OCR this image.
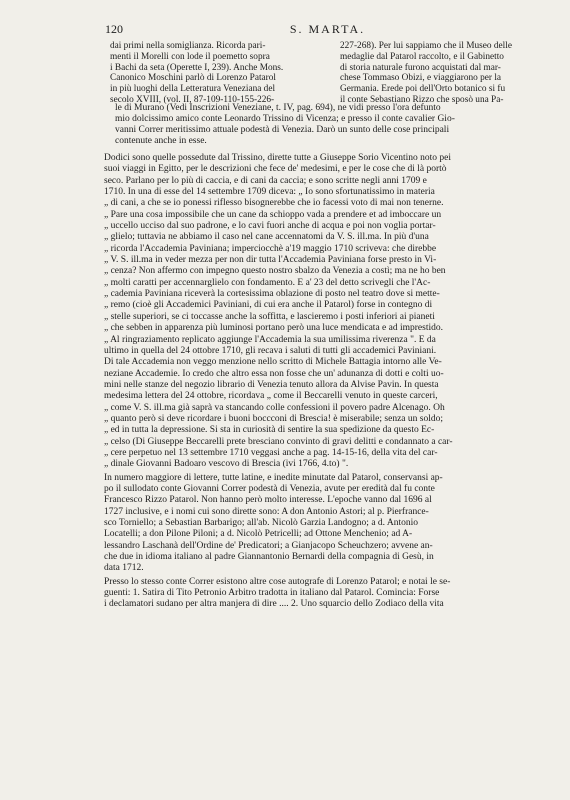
120	S. MARTA.
dai primi nella somiglianza. Ricorda pari-
menti il Morelli con lode il poemetto sopra
i Bachi da seta (Operette I, 239). Anche Mons.
Canonico Moschini parlò di Lorenzo Patarol
in più luoghi della Letteratura Veneziana del
secolo XVIII, (vol. II, 87-109-110-155-226-
227-268). Per lui sappiamo che il Museo delle
medaglie dal Patarol raccolto, e il Gabinetto
di storia naturale furono acquistati dal mar-
chese Tommaso Obizi, e viaggiarono per la
Germania. Erede poi dell'Orto botanico si fu
il conte Sebastiano Rizzo che sposò una Pa-

le di Murano (Vedi Inscrizioni Veneziane, t. IV, pag. 694), ne vidi presso l'ora defunto
mio dolcissimo amico conte Leonardo Trissino di Vicenza; e presso il conte cavalier Gio-
vanni Correr meritissimo attuale podestà di Venezia. Darò un sunto delle cose principali
contenute anche in esse.

Dodici sono quelle possedute dal Trissino, dirette tutte a Giuseppe Sorio Vicentino noto pei
suoi viaggi in Egitto, per le descrizioni che fece de' medesimi, e per le cose che di là portò
seco. Parlano per lo più di caccia, e di cani da caccia; e sono scritte negli anni 1709 e
1710. In una di esse del 14 settembre 1709 diceva: „ Io sono sfortunatissimo in materia
„ di cani, a che se io ponessi riflesso bisognerebbe che io facessi voto di mai non tenerne.
„ Pare una cosa impossibile che un cane da schioppo vada a prendere et ad imboccare un
„ uccello ucciso dal suo padrone, e lo cavi fuori anche di acqua e poi non voglia portar-
„ glielo; tuttavia ne abbiamo il caso nel cane accennatomi da V. S. ill.ma. In più d'una
„ ricorda l'Accademia Paviniana; imperciocchè a'19 maggio 1710 scriveva: che direbbe
„ V. S. ill.ma in veder mezza per non dir tutta l'Accademia Paviniana forse presto in Vi-
„ cenza? Non affermo con impegno questo nostro sbalzo da Venezia a costì; ma ne ho ben
„ molti caratti per accennarglielo con fondamento. E a' 23 del detto scrivegli che l'Ac-
„ cademia Paviniana riceverà la cortesissima oblazione di posto nel teatro dove si mette-
„ remo (cioè gli Accademici Paviniani, di cui era anche il Patarol) forse in contegno di
„ stelle superiori, se ci toccasse anche la soffitta, e lascieremo i posti inferiori ai pianeti
„ che sebben in apparenza più luminosi portano però una luce mendicata e ad imprestido.
„ Al ringraziamento replicato aggiunge l'Accademia la sua umilissima riverenza ". E da
ultimo in quella del 24 ottobre 1710, gli recava i saluti di tutti gli accademici Paviniani.
Di tale Accademia non veggo menzione nello scritto di Michele Battagia intorno alle Ve-
neziane Accademie. Io credo che altro essa non fosse che un' adunanza di dotti e colti uo-
mini nelle stanze del negozio librario di Venezia tenuto allora da Alvise Pavin. In questa
medesima lettera del 24 ottobre, ricordava „ come il Beccarelli venuto in queste carceri,
„ come V. S. ill.ma già saprà va stancando colle confessioni il povero padre Alcenago. Oh
„ quanto però si deve ricordare i buoni boccconi di Brescia! è miserabile; senza un soldo;
„ ed in tutta la depressione. Si sta in curiosità di sentire la sua spedizione da questo Ec-
„ celso (Di Giuseppe Beccarelli prete bresciano convinto di gravi delitti e condannato a car-
„ cere perpetuo nel 13 settembre 1710 veggasi anche a pag. 14-15-16, della vita del car-
„ dinale Giovanni Badoaro vescovo di Brescia (ivi 1766, 4.to) ".
In numero maggiore di lettere, tutte latine, e inedite minutate dal Patarol, conservansi ap-
po il sullodato conte Giovanni Correr podestà di Venezia, avute per eredità dal fu conte
Francesco Rizzo Patarol. Non hanno però molto interesse. L'epoche vanno dal 1696 al
1727 inclusive, e i nomi cui sono dirette sono: A don Antonio Astori; al p. Pierfrance-
sco Torniello; a Sebastian Barbarigo; all'ab. Nicolò Garzia Landogno; a d. Antonio
Locatelli; a don Pilone Piloni; a d. Nicolò Petricelli; ad Ottone Menchenio; ad A-
lessandro Laschanà dell'Ordine de' Predicatori; a Gianjacopo Scheuchzero; avvene an-
che due in idioma italiano al padre Giannantonio Bernardi della compagnia di Gesù, in
data 1712.
Presso lo stesso conte Correr esistono altre cose autografe di Lorenzo Patarol; e notai le se-
guenti: 1. Satira di Tito Petronio Arbitro tradotta in italiano dal Patarol. Comincia: Forse
i declamatori sudano per altra manjera di dire .... 2. Uno squarcio dello Zodiaco della vita
